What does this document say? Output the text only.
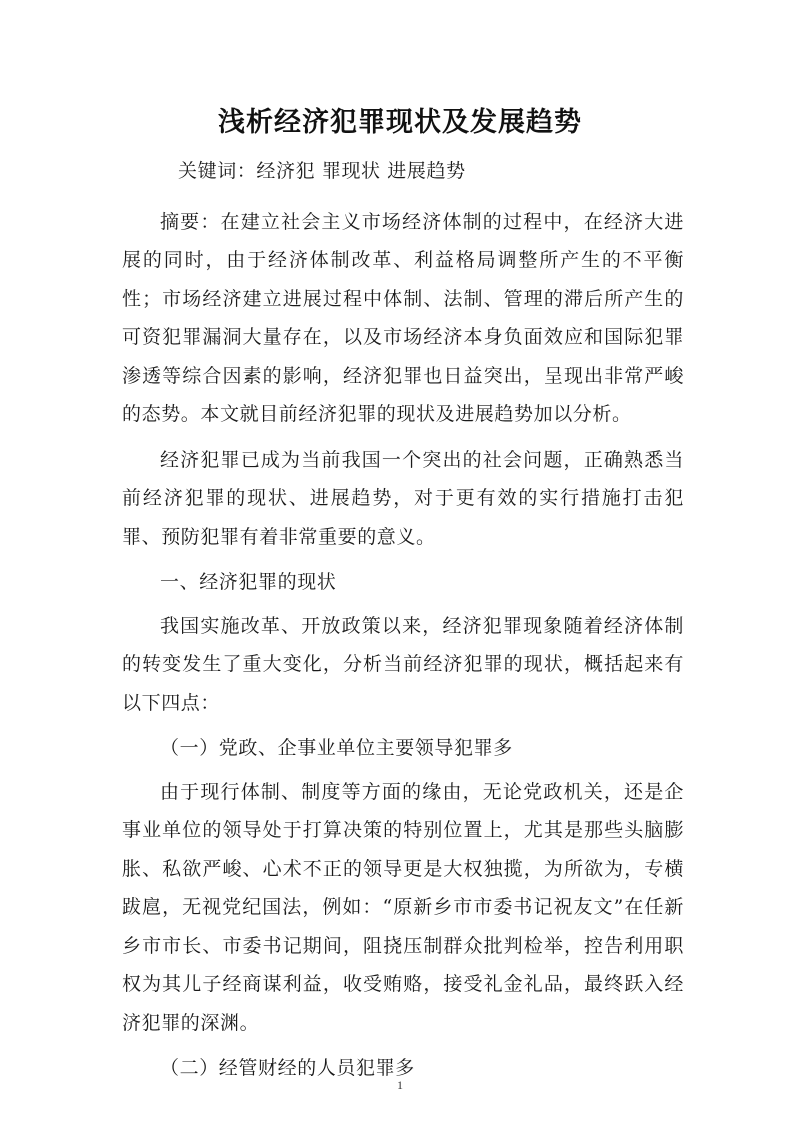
浅析经济犯罪现状及发展趋势

关键词：经济犯 罪现状 进展趋势

摘要：在建立社会主义市场经济体制的过程中，在经济大进展的同时，由于经济体制改革、利益格局调整所产生的不平衡性；市场经济建立进展过程中体制、法制、管理的滞后所产生的可资犯罪漏洞大量存在，以及市场经济本身负面效应和国际犯罪渗透等综合因素的影响，经济犯罪也日益突出，呈现出非常严峻的态势。本文就目前经济犯罪的现状及进展趋势加以分析。

经济犯罪已成为当前我国一个突出的社会问题，正确熟悉当前经济犯罪的现状、进展趋势，对于更有效的实行措施打击犯罪、预防犯罪有着非常重要的意义。

一、经济犯罪的现状

我国实施改革、开放政策以来，经济犯罪现象随着经济体制的转变发生了重大变化，分析当前经济犯罪的现状，概括起来有以下四点：

（一）党政、企事业单位主要领导犯罪多

由于现行体制、制度等方面的缘由，无论党政机关，还是企事业单位的领导处于打算决策的特别位置上，尤其是那些头脑膨胀、私欲严峻、心术不正的领导更是大权独揽，为所欲为，专横跋扈，无视党纪国法，例如：“原新乡市市委书记祝友文”在任新乡市市长、市委书记期间，阻挠压制群众批判检举，控告利用职权为其儿子经商谋利益，收受贿赂，接受礼金礼品，最终跃入经济犯罪的深渊。

（二）经管财经的人员犯罪多

1
